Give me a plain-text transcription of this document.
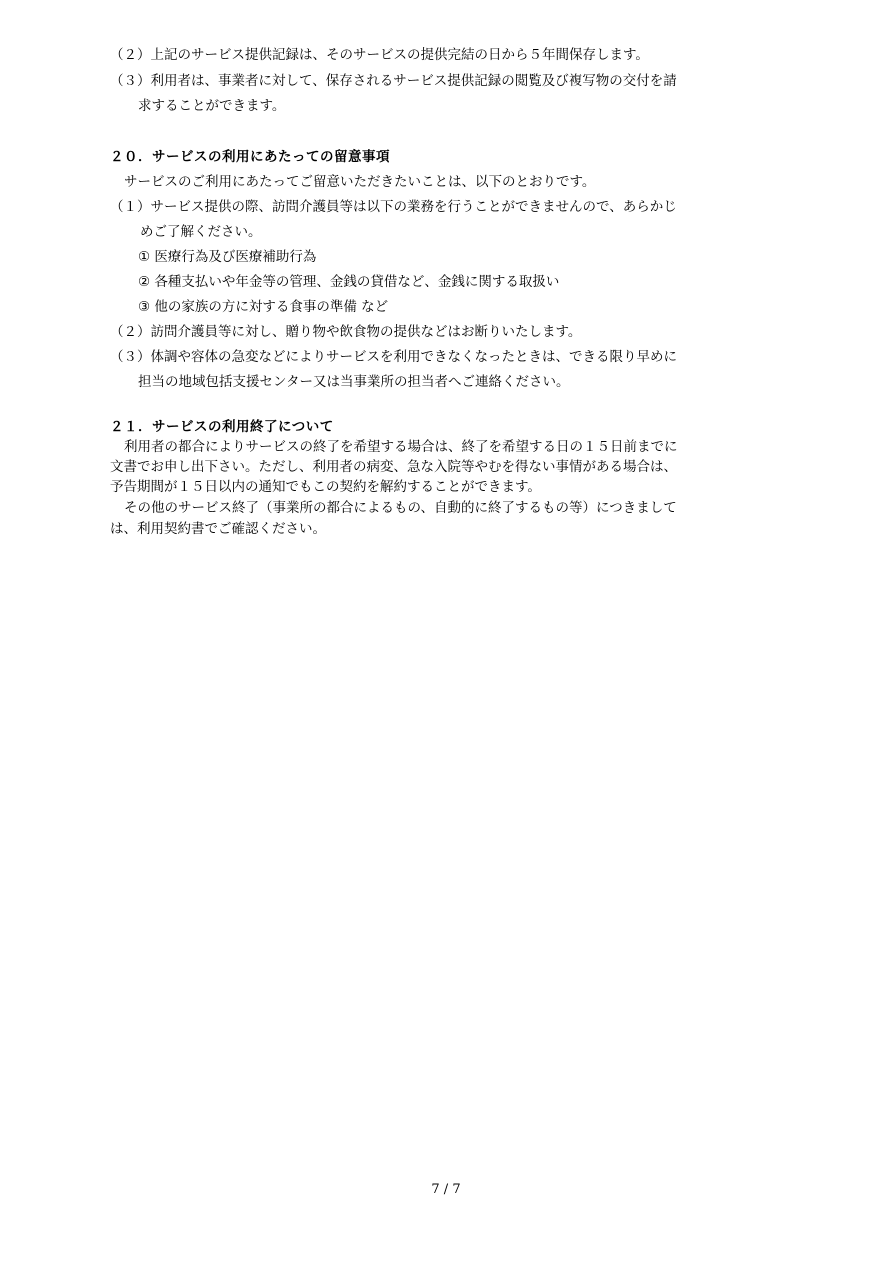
（２）上記のサービス提供記録は、そのサービスの提供完結の日から５年間保存します。
（３）利用者は、事業者に対して、保存されるサービス提供記録の閲覧及び複写物の交付を請
求することができます。
２０．サービスの利用にあたっての留意事項
サービスのご利用にあたってご留意いただきたいことは、以下のとおりです。
（１）サービス提供の際、訪問介護員等は以下の業務を行うことができませんので、あらかじ
めご了解ください。
① 医療行為及び医療補助行為
② 各種支払いや年金等の管理、金銭の貸借など、金銭に関する取扱い
③ 他の家族の方に対する食事の準備 など
（２）訪問介護員等に対し、贈り物や飲食物の提供などはお断りいたします。
（３）体調や容体の急変などによりサービスを利用できなくなったときは、できる限り早めに
担当の地域包括支援センター又は当事業所の担当者へご連絡ください。
２１．サービスの利用終了について
利用者の都合によりサービスの終了を希望する場合は、終了を希望する日の１５日前までに
文書でお申し出下さい。ただし、利用者の病変、急な入院等やむを得ない事情がある場合は、
予告期間が１５日以内の通知でもこの契約を解約することができます。
その他のサービス終了（事業所の都合によるもの、自動的に終了するもの等）につきまして
は、利用契約書でご確認ください。
7 / 7
